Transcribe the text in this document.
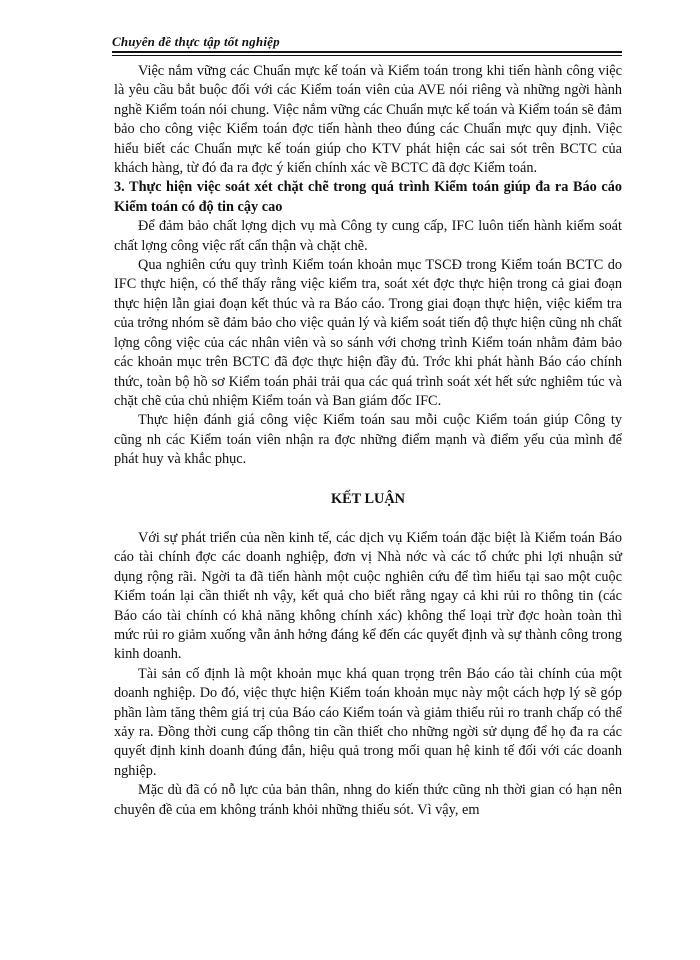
Chuyên đề thực tập tốt nghiệp

Việc nắm vững các Chuẩn mực kế toán và Kiểm toán trong khi tiến hành công việc là yêu cầu bắt buộc đối với các Kiểm toán viên của AVE nói riêng và những ngời hành nghề Kiểm toán nói chung. Việc nắm vững các Chuẩn mực kế toán và Kiểm toán sẽ đảm bảo cho công việc Kiểm toán đợc tiến hành theo đúng các Chuẩn mực quy định. Việc hiểu biết các Chuẩn mực kế toán giúp cho KTV phát hiện các sai sót trên BCTC của khách hàng, từ đó đa ra đợc ý kiến chính xác về BCTC đã đợc Kiểm toán.

3. Thực hiện việc soát xét chặt chẽ trong quá trình Kiểm toán giúp đa ra Báo cáo Kiểm toán có độ tin cậy cao

Để đảm bảo chất lợng dịch vụ mà Công ty cung cấp, IFC luôn tiến hành kiểm soát chất lợng công việc rất cẩn thận và chặt chẽ.

Qua nghiên cứu quy trình Kiểm toán khoản mục TSCĐ trong Kiểm toán BCTC do IFC thực hiện, có thể thấy rằng việc kiểm tra, soát xét đợc thực hiện trong cả giai đoạn thực hiện lẫn giai đoạn kết thúc và ra Báo cáo. Trong giai đoạn thực hiện, việc kiểm tra của trởng nhóm sẽ đảm bảo cho việc quản lý và kiểm soát tiến độ thực hiện cũng nh chất lợng công việc của các nhân viên và so sánh với chơng trình Kiểm toán nhằm đảm bảo các khoản mục trên BCTC đã đợc thực hiện đầy đủ. Trớc khi phát hành Báo cáo chính thức, toàn bộ hồ sơ Kiểm toán phải trải qua các quá trình soát xét hết sức nghiêm túc và chặt chẽ của chủ nhiệm Kiểm toán và Ban giám đốc IFC.

Thực hiện đánh giá công việc Kiểm toán sau mỗi cuộc Kiểm toán giúp Công ty cũng nh các Kiểm toán viên nhận ra đợc những điểm mạnh và điểm yếu của mình để phát huy và khắc phục.

KẾT LUẬN

Với sự phát triển của nền kinh tế, các dịch vụ Kiểm toán đặc biệt là Kiểm toán Báo cáo tài chính đợc các doanh nghiệp, đơn vị Nhà nớc và các tổ chức phi lợi nhuận sử dụng rộng rãi. Ngời ta đã tiến hành một cuộc nghiên cứu để tìm hiểu tại sao một cuộc Kiểm toán lại cần thiết nh vậy, kết quả cho biết rằng ngay cả khi rủi ro thông tin (các Báo cáo tài chính có khả năng không chính xác) không thể loại trừ đợc hoàn toàn thì mức rủi ro giảm xuống vẫn ảnh hởng đáng kể đến các quyết định và sự thành công trong kinh doanh.

Tài sản cố định là một khoản mục khá quan trọng trên Báo cáo tài chính của một doanh nghiệp. Do đó, việc thực hiện Kiểm toán khoản mục này một cách hợp lý sẽ góp phần làm tăng thêm giá trị của Báo cáo Kiểm toán và giảm thiểu rủi ro tranh chấp có thể xảy ra. Đồng thời cung cấp thông tin cần thiết cho những ngời sử dụng để họ đa ra các quyết định kinh doanh đúng đắn, hiệu quả trong mối quan hệ kinh tế đối với các doanh nghiệp.

Mặc dù đã có nỗ lực của bản thân, nhng do kiến thức cũng nh thời gian có hạn nên chuyên đề của em không tránh khỏi những thiếu sót. Vì vậy, em
